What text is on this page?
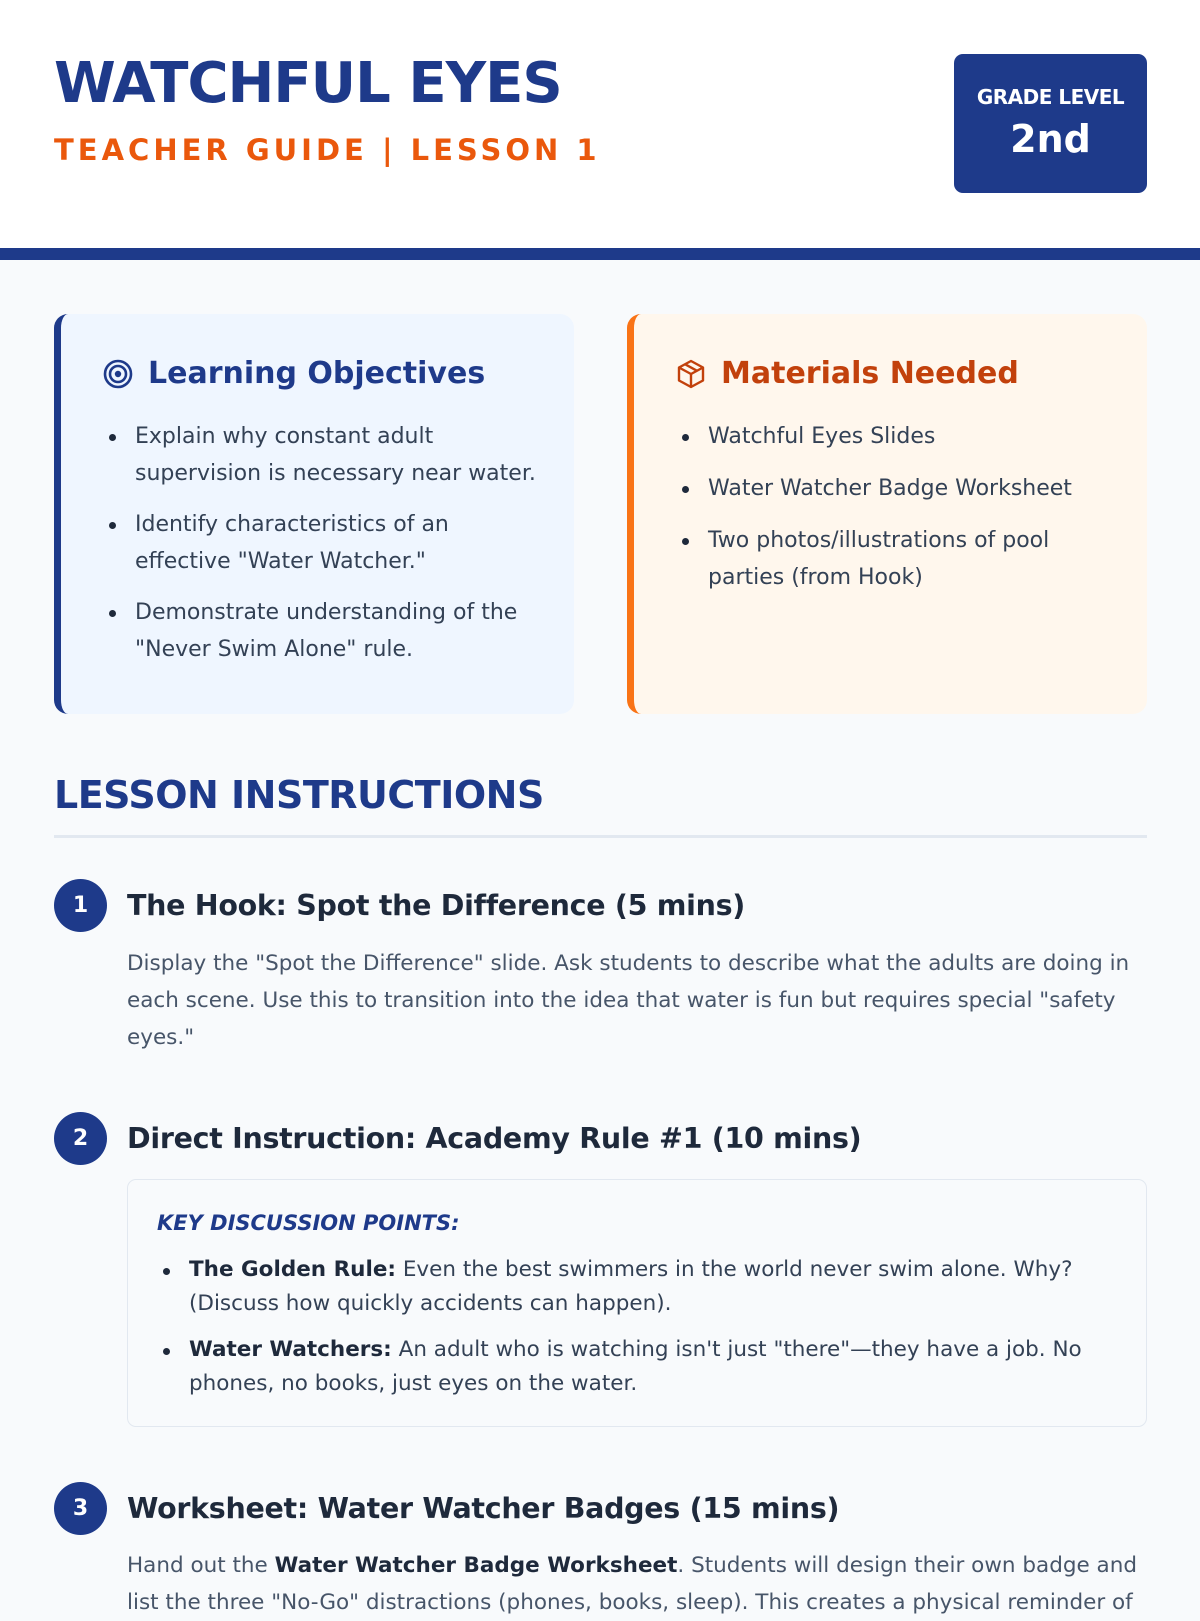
WATCHFUL EYES
TEACHER GUIDE | LESSON 1
GRADE LEVEL
2nd
Learning Objectives
Explain why constant adult supervision is necessary near water.
Identify characteristics of an effective "Water Watcher."
Demonstrate understanding of the "Never Swim Alone" rule.
Materials Needed
Watchful Eyes Slides
Water Watcher Badge Worksheet
Two photos/illustrations of pool parties (from Hook)
LESSON INSTRUCTIONS
1	The Hook: Spot the Difference (5 mins)

Display the "Spot the Difference" slide. Ask students to describe what the adults are doing in each scene. Use this to transition into the idea that water is fun but requires special "safety eyes."

2	Direct Instruction: Academy Rule #1 (10 mins)
KEY DISCUSSION POINTS:
The Golden Rule: Even the best swimmers in the world never swim alone. Why? (Discuss how quickly accidents can happen).
Water Watchers: An adult who is watching isn't just "there"—they have a job. No phones, no books, just eyes on the water.
3	Worksheet: Water Watcher Badges (15 mins)

Hand out the Water Watcher Badge Worksheet. Students will design their own badge and list the three "No-Go" distractions (phones, books, sleep). This creates a physical reminder of
